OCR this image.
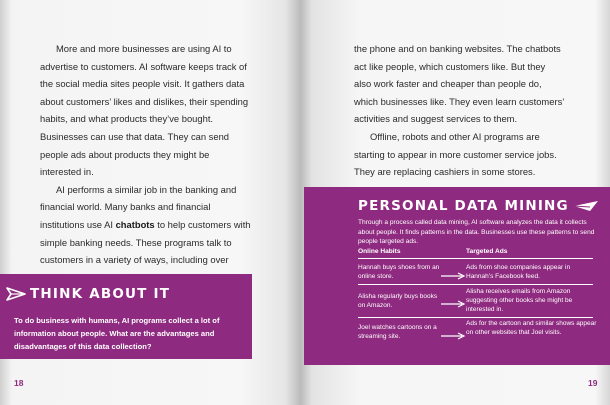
More and more businesses are using AI to advertise to customers. AI software keeps track of the social media sites people visit. It gathers data about customers’ likes and dislikes, their spending habits, and what products they’ve bought. Businesses can use that data. They can send people ads about products they might be interested in.

AI performs a similar job in the banking and financial world. Many banks and financial institutions use AI chatbots to help customers with simple banking needs. These programs talk to customers in a variety of ways, including over

18

the phone and on banking websites. The chatbots act like people, which customers like. But they also work faster and cheaper than people do, which businesses like. They even learn customers’ activities and suggest services to them.

Offline, robots and other AI programs are starting to appear in more customer service jobs. They are replacing cashiers in some stores.

19
THINK ABOUT IT
To do business with humans, AI programs collect a lot of information about people. What are the advantages and disadvantages of this data collection?
PERSONAL DATA MINING
Through a process called data mining, AI software analyzes the data it collects about people. It finds patterns in the data. Businesses use these patterns to send people targeted ads.
Online Habits	Targeted Ads
Hannah buys shoes from an online store.
Ads from shoe companies appear in Hannah’s Facebook feed.
Alisha regularly buys books on Amazon.
Alisha receives emails from Amazon suggesting other books she might be interested in.
Joel watches cartoons on a streaming site.
Ads for the cartoon and similar shows appear on other websites that Joel visits.
